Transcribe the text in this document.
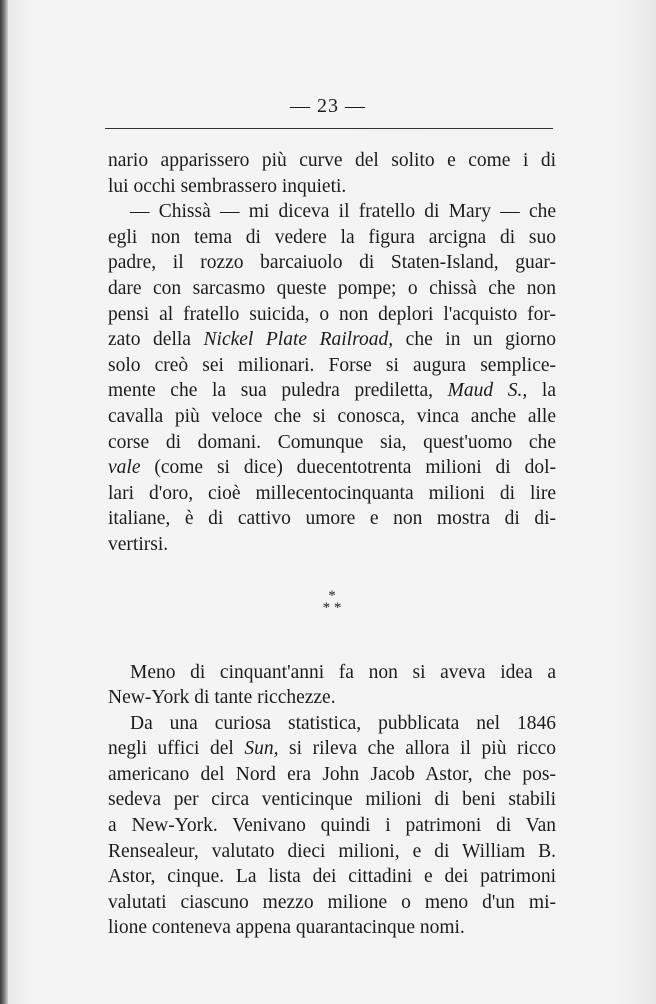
— 23 —
nario apparissero più curve del solito e come i di
lui occhi sembrassero inquieti.
— Chissà — mi diceva il fratello di Mary — che
egli non tema di vedere la figura arcigna di suo
padre, il rozzo barcaiuolo di Staten-Island, guar-
dare con sarcasmo queste pompe; o chissà che non
pensi al fratello suicida, o non deplori l'acquisto for-
zato della Nickel Plate Railroad, che in un giorno
solo creò sei milionari. Forse si augura semplice-
mente che la sua puledra prediletta, Maud S., la
cavalla più veloce che si conosca, vinca anche alle
corse di domani. Comunque sia, quest'uomo che
vale (come si dice) duecentotrenta milioni di dol-
lari d'oro, cioè millecentocinquanta milioni di lire
italiane, è di cattivo umore e non mostra di di-
vertirsi.
*
* *
Meno di cinquant'anni fa non si aveva idea a
New-York di tante ricchezze.
Da una curiosa statistica, pubblicata nel 1846
negli uffici del Sun, si rileva che allora il più ricco
americano del Nord era John Jacob Astor, che pos-
sedeva per circa venticinque milioni di beni stabili
a New-York. Venivano quindi i patrimoni di Van
Rensealeur, valutato dieci milioni, e di William B.
Astor, cinque. La lista dei cittadini e dei patrimoni
valutati ciascuno mezzo milione o meno d'un mi-
lione conteneva appena quarantacinque nomi.
